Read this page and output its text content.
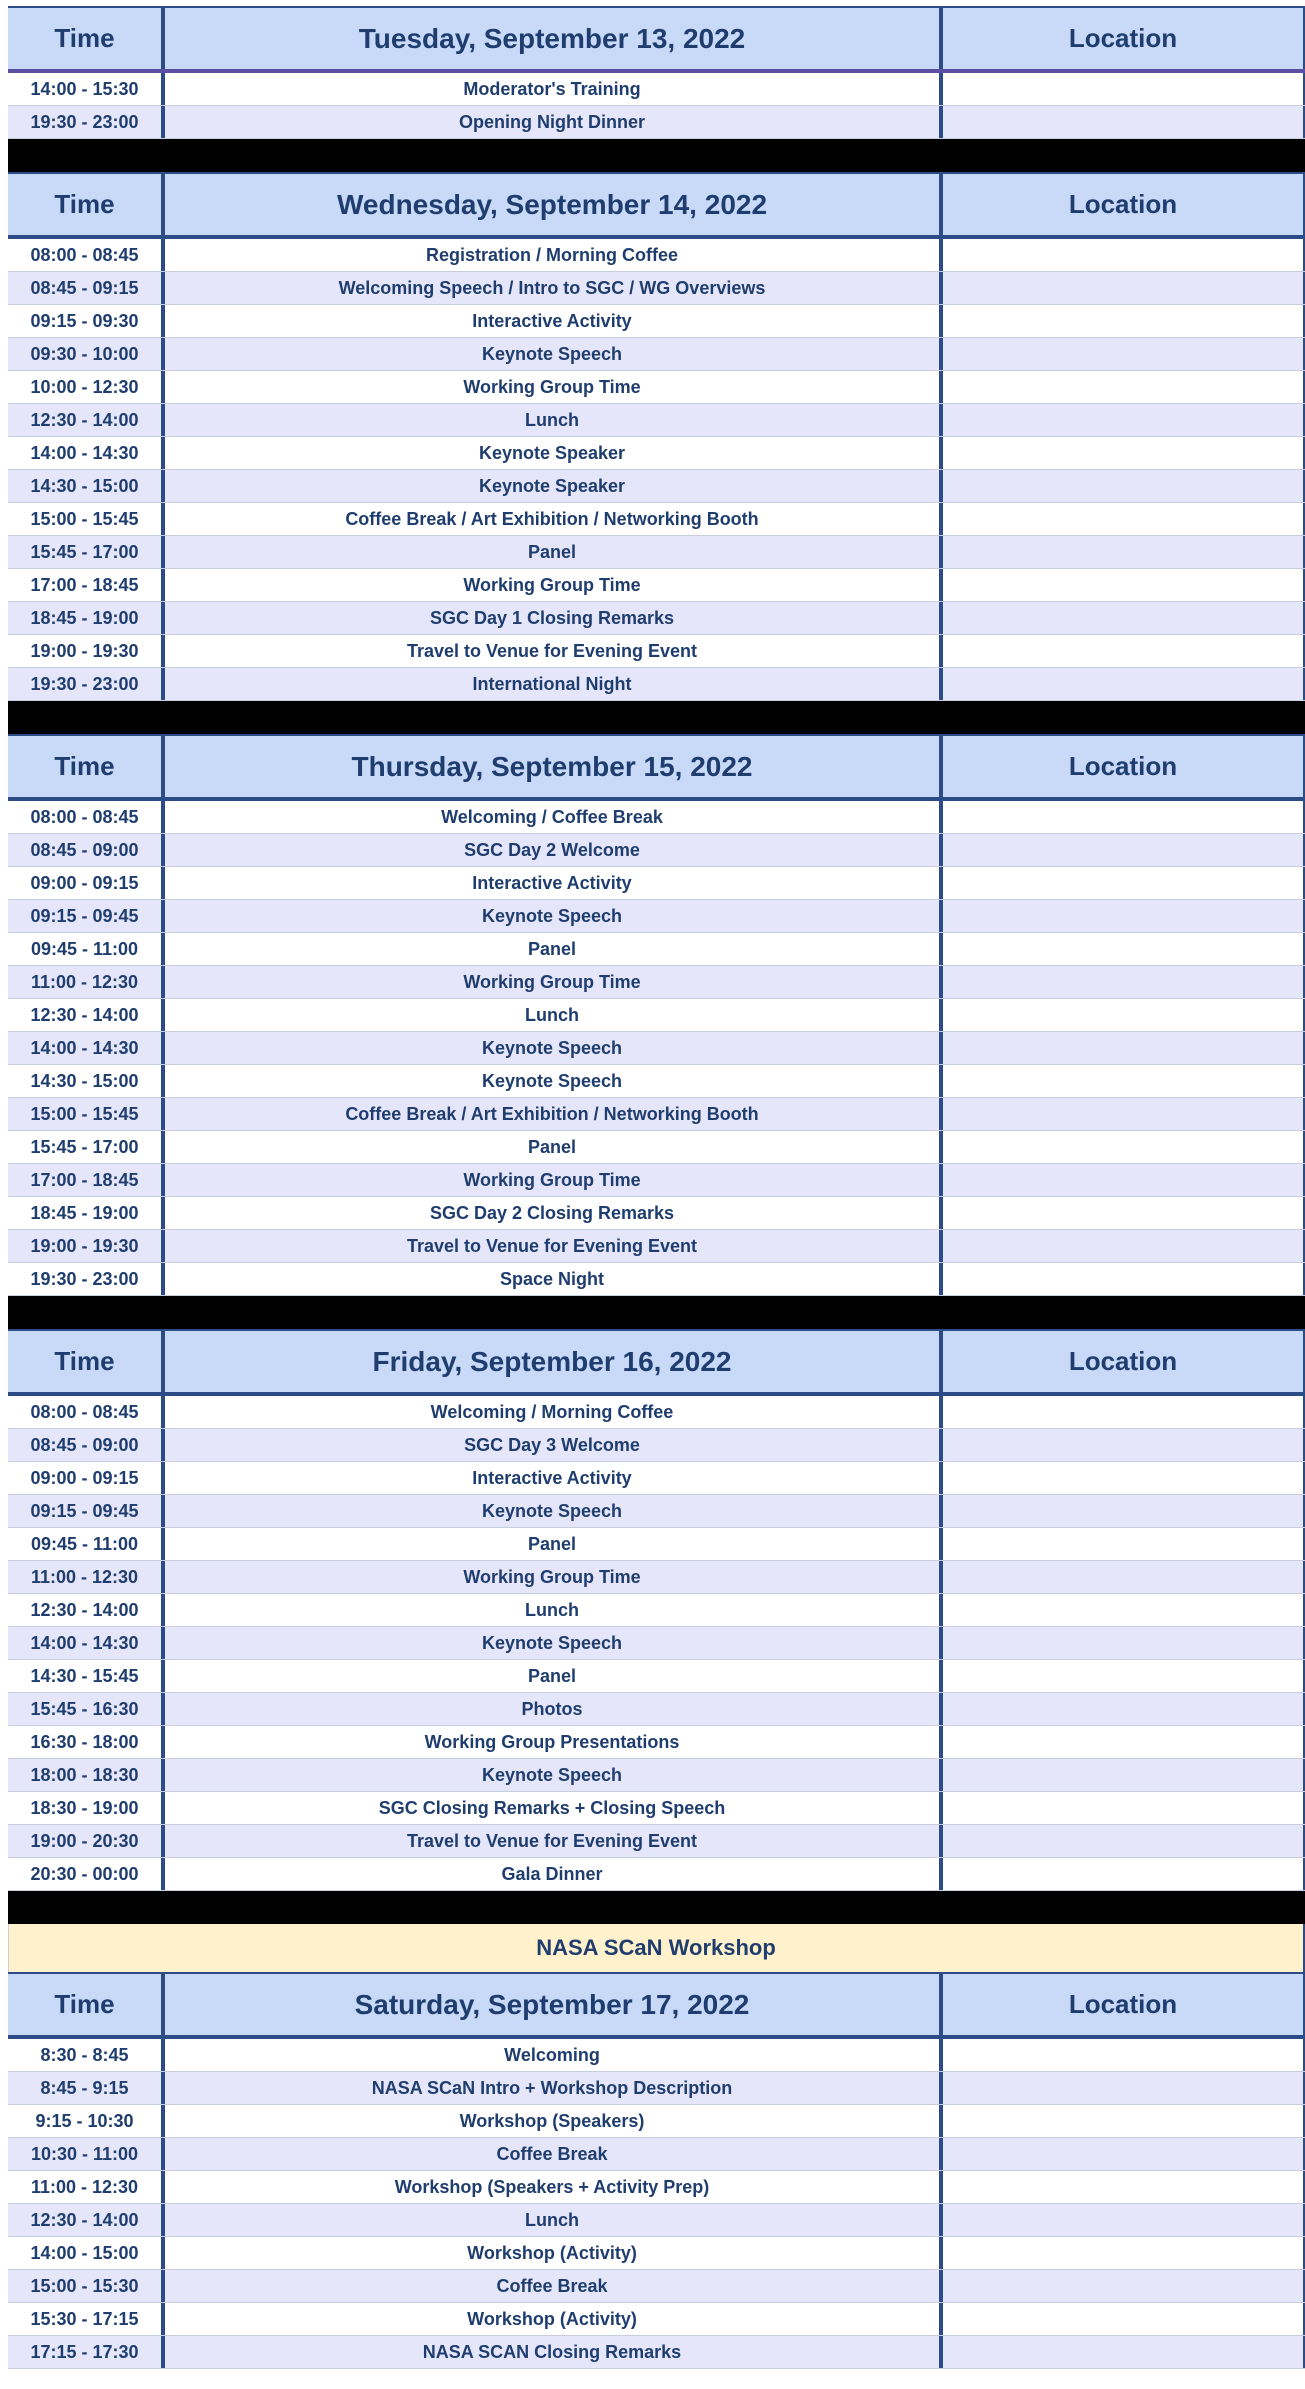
Time	Tuesday, September 13, 2022	Location
14:00 - 15:30	Moderator's Training
19:30 - 23:00	Opening Night Dinner
Time	Wednesday, September 14, 2022	Location
08:00 - 08:45	Registration / Morning Coffee
08:45 - 09:15	Welcoming Speech / Intro to SGC / WG Overviews
09:15 - 09:30	Interactive Activity
09:30 - 10:00	Keynote Speech
10:00 - 12:30	Working Group Time
12:30 - 14:00	Lunch
14:00 - 14:30	Keynote Speaker
14:30 - 15:00	Keynote Speaker
15:00 - 15:45	Coffee Break / Art Exhibition / Networking Booth
15:45 - 17:00	Panel
17:00 - 18:45	Working Group Time
18:45 - 19:00	SGC Day 1 Closing Remarks
19:00 - 19:30	Travel to Venue for Evening Event
19:30 - 23:00	International Night
Time	Thursday, September 15, 2022	Location
08:00 - 08:45	Welcoming / Coffee Break
08:45 - 09:00	SGC Day 2 Welcome
09:00 - 09:15	Interactive Activity
09:15 - 09:45	Keynote Speech
09:45 - 11:00	Panel
11:00 - 12:30	Working Group Time
12:30 - 14:00	Lunch
14:00 - 14:30	Keynote Speech
14:30 - 15:00	Keynote Speech
15:00 - 15:45	Coffee Break / Art Exhibition / Networking Booth
15:45 - 17:00	Panel
17:00 - 18:45	Working Group Time
18:45 - 19:00	SGC Day 2 Closing Remarks
19:00 - 19:30	Travel to Venue for Evening Event
19:30 - 23:00	Space Night
Time	Friday, September 16, 2022	Location
08:00 - 08:45	Welcoming / Morning Coffee
08:45 - 09:00	SGC Day 3 Welcome
09:00 - 09:15	Interactive Activity
09:15 - 09:45	Keynote Speech
09:45 - 11:00	Panel
11:00 - 12:30	Working Group Time
12:30 - 14:00	Lunch
14:00 - 14:30	Keynote Speech
14:30 - 15:45	Panel
15:45 - 16:30	Photos
16:30 - 18:00	Working Group Presentations
18:00 - 18:30	Keynote Speech
18:30 - 19:00	SGC Closing Remarks + Closing Speech
19:00 - 20:30	Travel to Venue for Evening Event
20:30 - 00:00	Gala Dinner
NASA SCaN Workshop
Time	Saturday, September 17, 2022	Location
8:30 - 8:45	Welcoming
8:45 - 9:15	NASA SCaN Intro + Workshop Description
9:15 - 10:30	Workshop (Speakers)
10:30 - 11:00	Coffee Break
11:00 - 12:30	Workshop (Speakers + Activity Prep)
12:30 - 14:00	Lunch
14:00 - 15:00	Workshop (Activity)
15:00 - 15:30	Coffee Break
15:30 - 17:15	Workshop (Activity)
17:15 - 17:30	NASA SCAN Closing Remarks
